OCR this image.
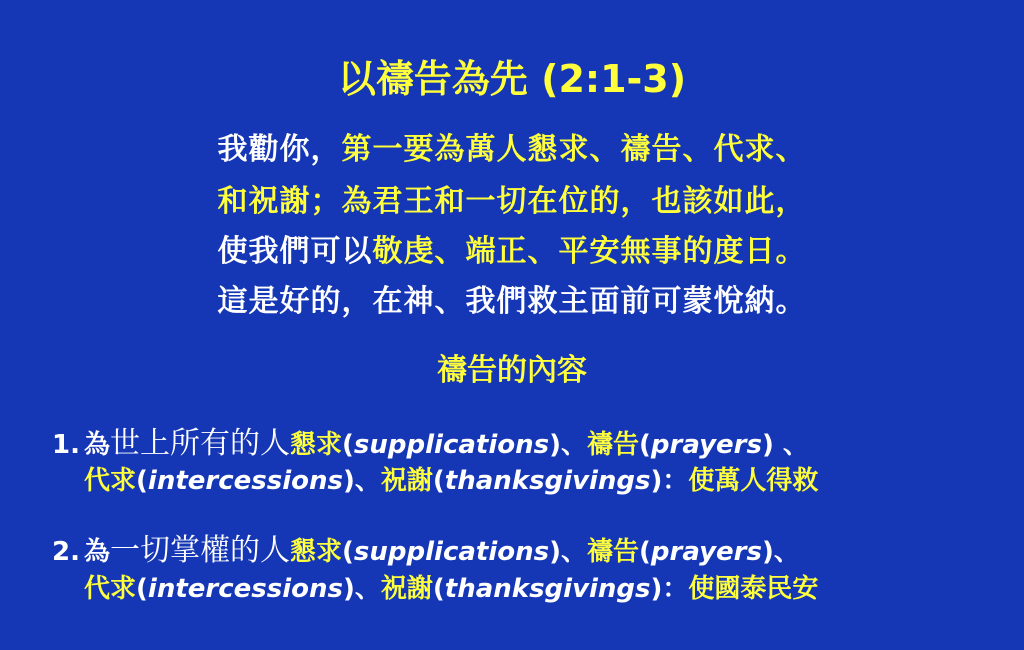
以禱告為先 (2:1-3)
我勸你，第一要為萬人懇求、禱告、代求、
和祝謝；為君王和一切在位的，也該如此，
使我們可以敬虔、端正、平安無事的度日。
這是好的，在神、我們救主面前可蒙悅納。
禱告的內容
1. 為世上所有的人懇求(supplications)、禱告(prayers) 、
代求(intercessions)、祝謝(thanksgivings)：使萬人得救
2. 為一切掌權的人懇求(supplications)、禱告(prayers)、
代求(intercessions)、祝謝(thanksgivings)：使國泰民安
